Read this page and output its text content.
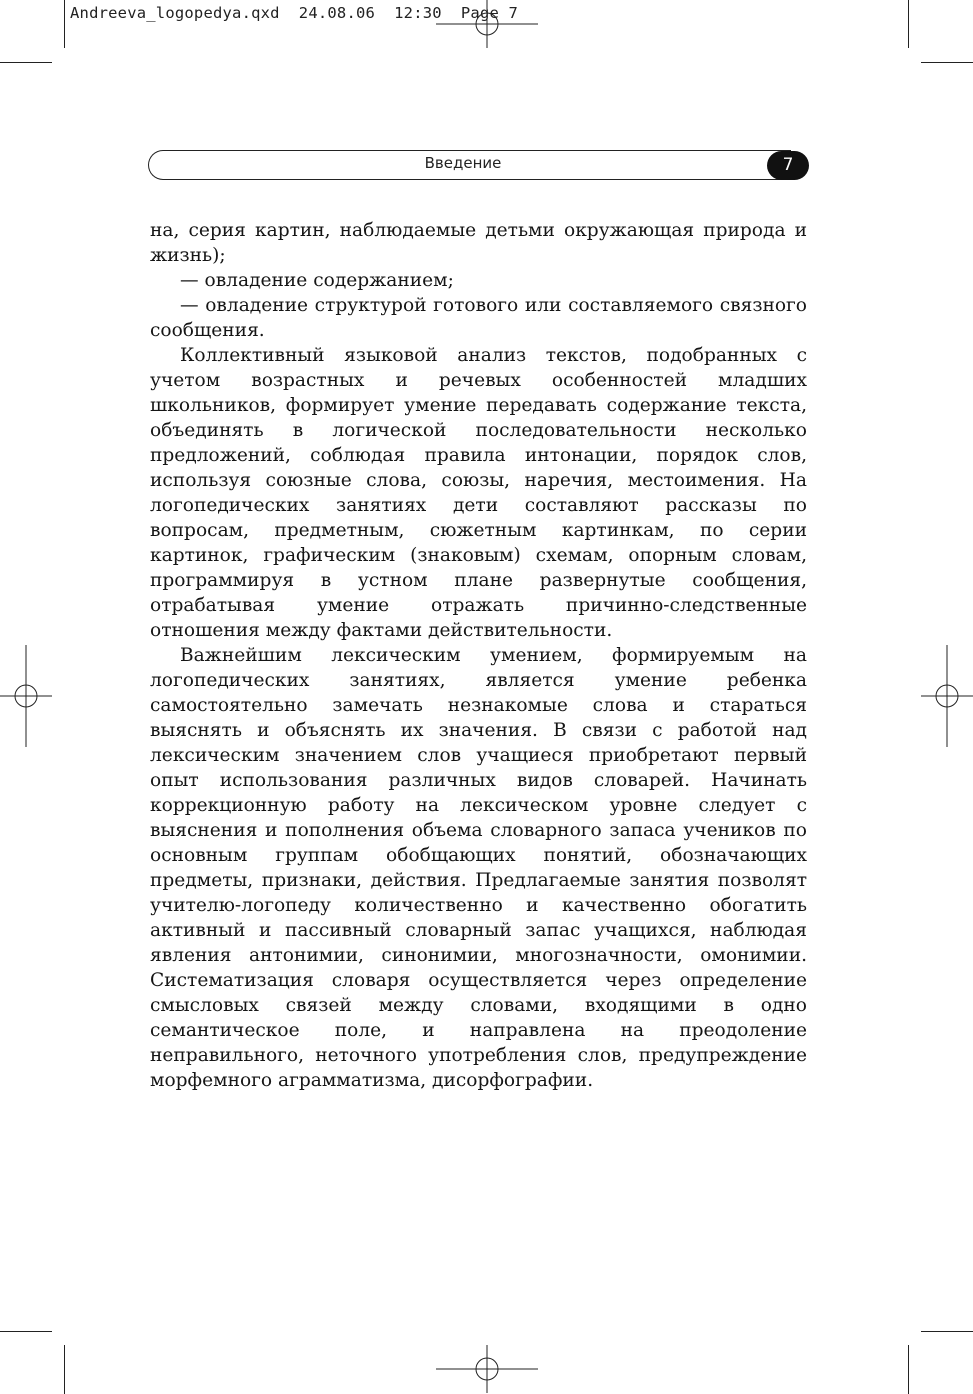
Andreeva_logopedya.qxd 24.08.06 12:30 Page 7
Введение	7

на, серия картин, наблюдаемые детьми окружающая природа и жизнь);

— овладение содержанием;

— овладение структурой готового или составляемого связного сообщения.

Коллективный языковой анализ текстов, подобранных с учетом возрастных и речевых особенностей младших школьников, формирует умение передавать содержание текста, объединять в логической последовательности несколько предложений, соблюдая правила интонации, порядок слов, используя союзные слова, союзы, наречия, местоимения. На логопедических занятиях дети составляют рассказы по вопросам, предметным, сюжетным картинкам, по серии картинок, графическим (знаковым) схемам, опорным словам, программируя в устном плане развернутые сообщения, отрабатывая умение отражать причинно-следственные отношения между фактами действительности.

Важнейшим лексическим умением, формируемым на логопедических занятиях, является умение ребенка самостоятельно замечать незнакомые слова и стараться выяснять и объяснять их значения. В связи с работой над лексическим значением слов учащиеся приобретают первый опыт использования различных видов словарей. Начинать коррекционную работу на лексическом уровне следует с выяснения и пополнения объема словарного запаса учеников по основным группам обобщающих понятий, обозначающих предметы, признаки, действия. Предлагаемые занятия позволят учителю-логопеду количественно и качественно обогатить активный и пассивный словарный запас учащихся, наблюдая явления антонимии, синонимии, многозначности, омонимии. Систематизация словаря осуществляется через определение смысловых связей между словами, входящими в одно семантическое поле, и направлена на преодоление неправильного, неточного употребления слов, предупреждение морфемного аграмматизма, дисорфографии.
